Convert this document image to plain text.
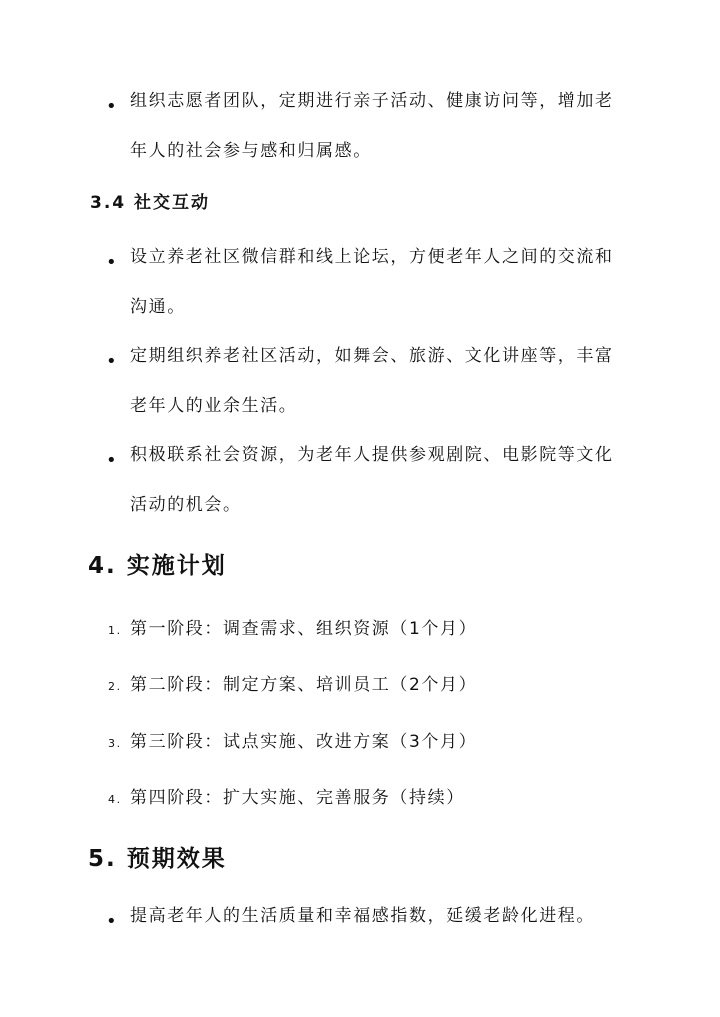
• 组织志愿者团队，定期进行亲子活动、健康访问等，增加老年人的社会参与感和归属感。
3.4 社交互动
• 设立养老社区微信群和线上论坛，方便老年人之间的交流和沟通。
• 定期组织养老社区活动，如舞会、旅游、文化讲座等，丰富老年人的业余生活。
• 积极联系社会资源，为老年人提供参观剧院、电影院等文化活动的机会。
4. 实施计划
1. 第一阶段：调查需求、组织资源（1个月）
2. 第二阶段：制定方案、培训员工（2个月）
3. 第三阶段：试点实施、改进方案（3个月）
4. 第四阶段：扩大实施、完善服务（持续）
5. 预期效果
• 提高老年人的生活质量和幸福感指数，延缓老龄化进程。
